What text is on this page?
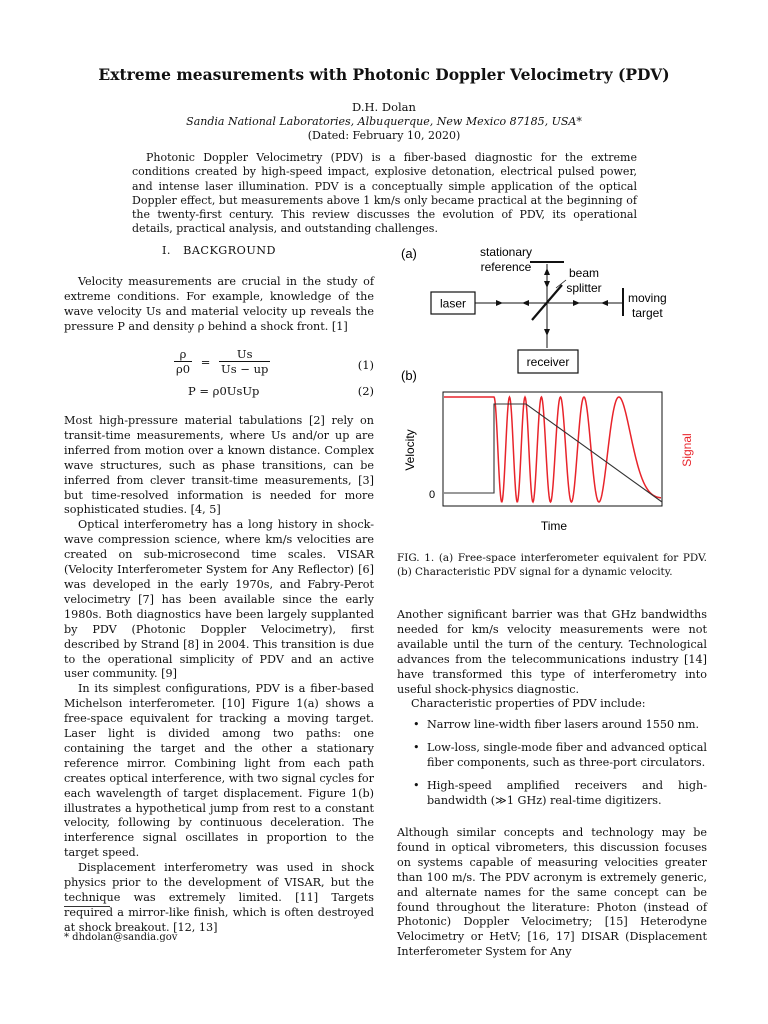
Extreme measurements with Photonic Doppler Velocimetry (PDV)
D.H. Dolan
Sandia National Laboratories, Albuquerque, New Mexico 87185, USA*
(Dated: February 10, 2020)
Photonic Doppler Velocimetry (PDV) is a fiber-based diagnostic for the extreme conditions created by high-speed impact, explosive detonation, electrical pulsed power, and intense laser illumination. PDV is a conceptually simple application of the optical Doppler effect, but measurements above 1 km/s only became practical at the beginning of the twenty-first century. This review discusses the evolution of PDV, its operational details, practical analysis, and outstanding challenges.
I. BACKGROUND

Velocity measurements are crucial in the study of extreme conditions. For example, knowledge of the wave velocity Us and material velocity up reveals the pressure P and density ρ behind a shock front. [1]

$\frac{\rho}{\rho 0} = \frac{Us}{Us - up}$	(1)
P = ρ0UsUp	(2)

Most high-pressure material tabulations [2] rely on transit-time measurements, where Us and/or up are inferred from motion over a known distance. Complex wave structures, such as phase transitions, can be inferred from clever transit-time measurements, [3] but time-resolved information is needed for more sophisticated studies. [4, 5]

Optical interferometry has a long history in shock-wave compression science, where km/s velocities are created on sub-microsecond time scales. VISAR (Velocity Interferometer System for Any Reflector) [6] was developed in the early 1970s, and Fabry-Perot velocimetry [7] has been available since the early 1980s. Both diagnostics have been largely supplanted by PDV (Photonic Doppler Velocimetry), first described by Strand [8] in 2004. This transition is due to the operational simplicity of PDV and an active user community. [9]

In its simplest configurations, PDV is a fiber-based Michelson interferometer. [10] Figure 1(a) shows a free-space equivalent for tracking a moving target. Laser light is divided among two paths: one containing the target and the other a stationary reference mirror. Combining light from each path creates optical interference, with two signal cycles for each wavelength of target displacement. Figure 1(b) illustrates a hypothetical jump from rest to a constant velocity, following by continuous deceleration. The interference signal oscillates in proportion to the target speed.

Displacement interferometry was used in shock physics prior to the development of VISAR, but the technique was extremely limited. [11] Targets required a mirror-like finish, which is often destroyed at shock breakout. [12, 13]

* dhdolan@sandia.gov
(a)	stationary
reference	beam
splitter
laser	moving
target
receiver
(b)
Velocity	Signal
0
Time
FIG. 1. (a) Free-space interferometer equivalent for PDV. (b) Characteristic PDV signal for a dynamic velocity.

Another significant barrier was that GHz bandwidths needed for km/s velocity measurements were not available until the turn of the century. Technological advances from the telecommunications industry [14] have transformed this type of interferometry into useful shock-physics diagnostic.

Characteristic properties of PDV include:

• Narrow line-width fiber lasers around 1550 nm.
• Low-loss, single-mode fiber and advanced optical fiber components, such as three-port circulators.
• High-speed amplified receivers and high-bandwidth (≫1 GHz) real-time digitizers.

Although similar concepts and technology may be found in optical vibrometers, this discussion focuses on systems capable of measuring velocities greater than 100 m/s. The PDV acronym is extremely generic, and alternate names for the same concept can be found throughout the literature: Photon (instead of Photonic) Doppler Velocimetry; [15] Heterodyne Velocimetry or HetV; [16, 17] DISAR (Displacement Interferometer System for Any
